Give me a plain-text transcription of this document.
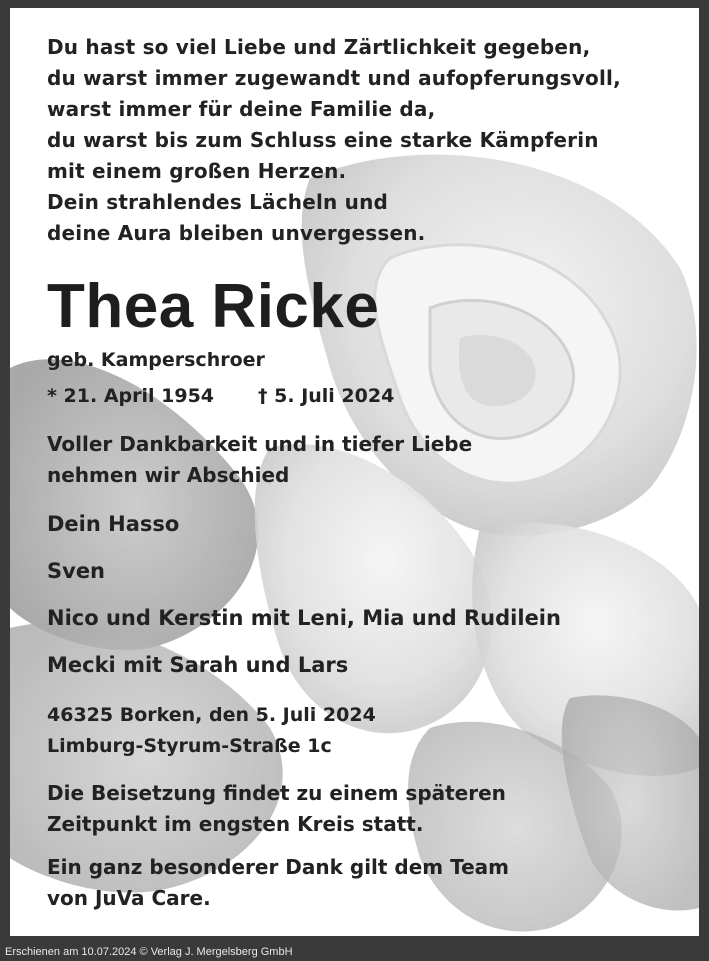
Du hast so viel Liebe und Zärtlichkeit gegeben,
du warst immer zugewandt und aufopferungsvoll,
warst immer für deine Familie da,
du warst bis zum Schluss eine starke Kämpferin
mit einem großen Herzen.
Dein strahlendes Lächeln und
deine Aura bleiben unvergessen.
Thea Ricke
geb. Kamperschroer
* 21. April 1954 † 5. Juli 2024
Voller Dankbarkeit und in tiefer Liebe
nehmen wir Abschied
Dein Hasso
Sven
Nico und Kerstin mit Leni, Mia und Rudilein
Mecki mit Sarah und Lars
46325 Borken, den 5. Juli 2024
Limburg-Styrum-Straße 1c
Die Beisetzung findet zu einem späteren
Zeitpunkt im engsten Kreis statt.
Ein ganz besonderer Dank gilt dem Team
von JuVa Care.
Erschienen am 10.07.2024 © Verlag J. Mergelsberg GmbH
